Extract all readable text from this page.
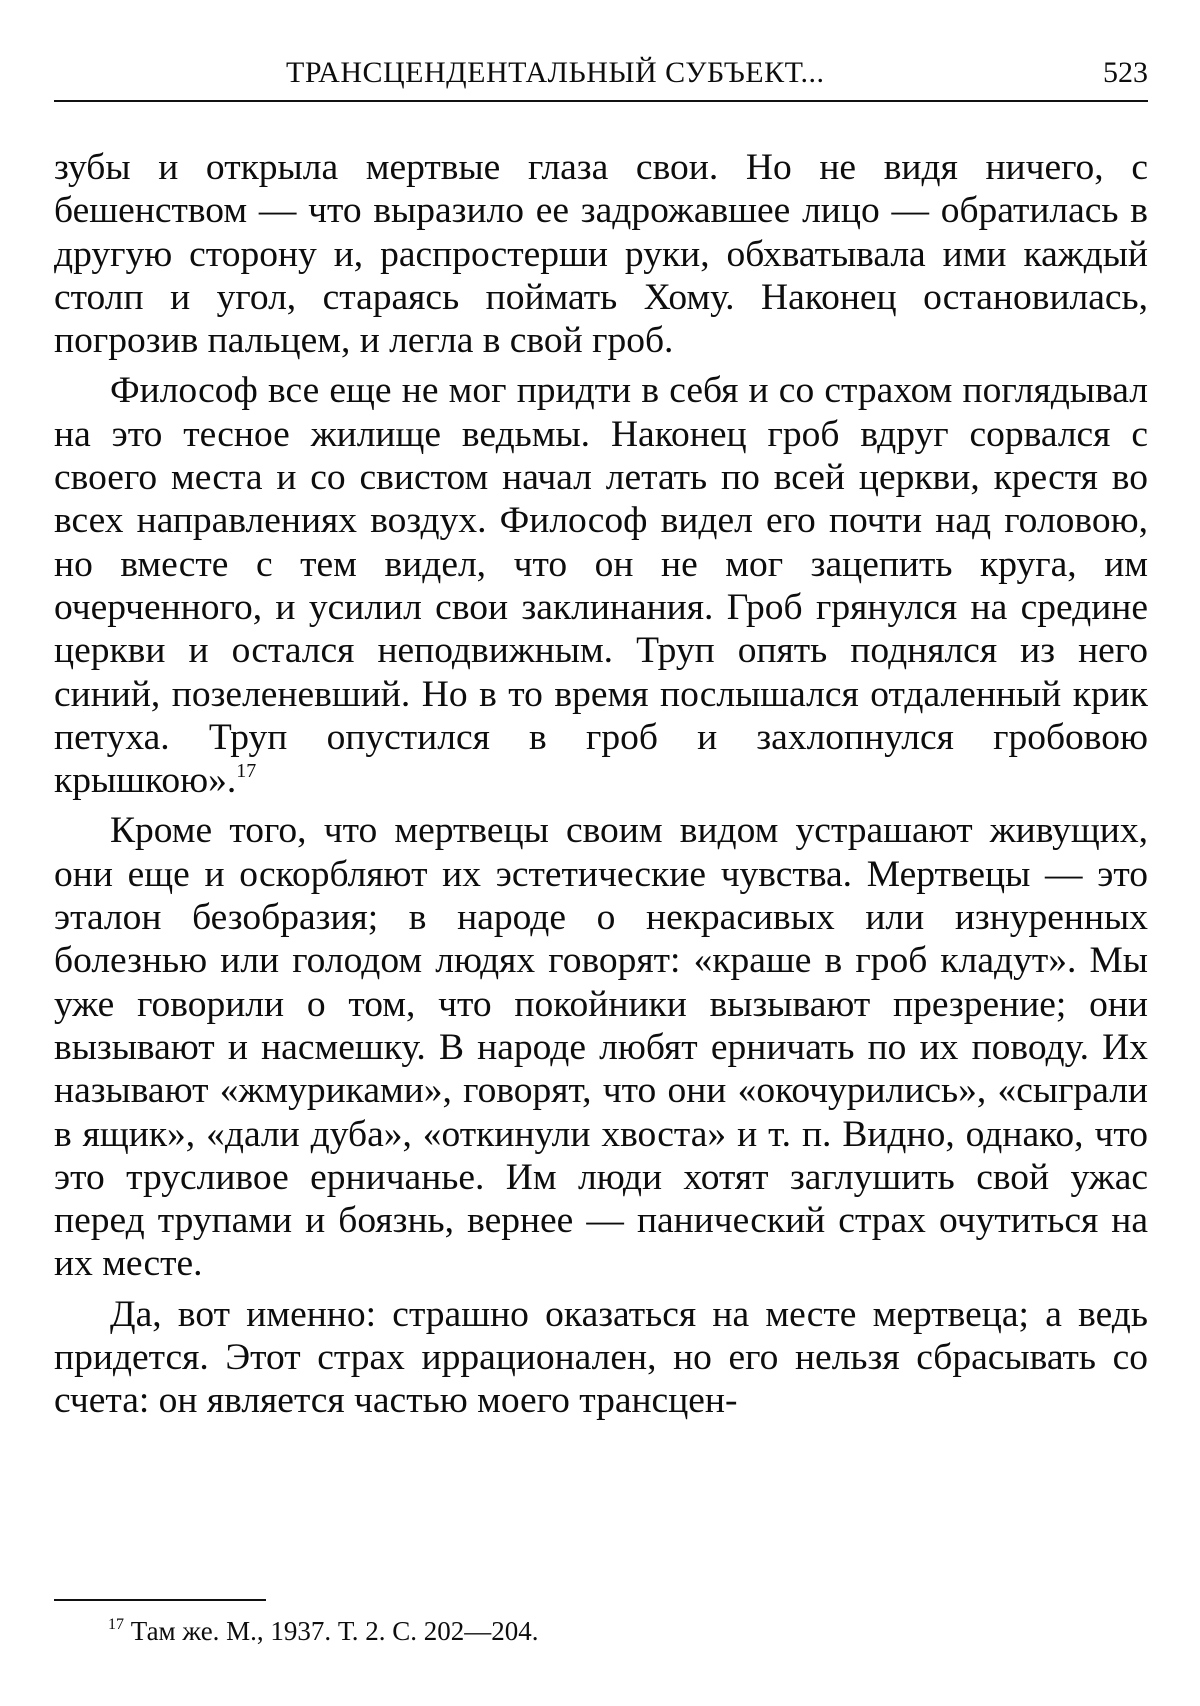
ТРАНСЦЕНДЕНТАЛЬНЫЙ СУБЪЕКТ...	523

зубы и открыла мертвые глаза свои. Но не видя ничего, с бешенством — что выразило ее задрожавшее лицо — обратилась в другую сторону и, распростерши руки, обхватывала ими каждый столп и угол, стараясь поймать Хому. Наконец остановилась, погрозив пальцем, и легла в свой гроб.

Философ все еще не мог придти в себя и со страхом поглядывал на это тесное жилище ведьмы. Наконец гроб вдруг сорвался с своего места и со свистом начал летать по всей церкви, крестя во всех направлениях воздух. Философ видел его почти над головою, но вместе с тем видел, что он не мог зацепить круга, им очерченного, и усилил свои заклинания. Гроб грянулся на средине церкви и остался неподвижным. Труп опять поднялся из него синий, позеленевший. Но в то время послышался отдаленный крик петуха. Труп опустился в гроб и захлопнулся гробовою крышкою».$^{17}$

Кроме того, что мертвецы своим видом устрашают живущих, они еще и оскорбляют их эстетические чувства. Мертвецы — это эталон безобразия; в народе о некрасивых или изнуренных болезнью или голодом людях говорят: «краше в гроб кладут». Мы уже говорили о том, что покойники вызывают презрение; они вызывают и насмешку. В народе любят ерничать по их поводу. Их называют «жмуриками», говорят, что они «окочурились», «сыграли в ящик», «дали дуба», «откинули хвоста» и т. п. Видно, однако, что это трусливое ерничанье. Им люди хотят заглушить свой ужас перед трупами и боязнь, вернее — панический страх очутиться на их месте.

Да, вот именно: страшно оказаться на месте мертвеца; а ведь придется. Этот страх иррационален, но его нельзя сбрасывать со счета: он является частью моего трансцен-

$^{17}$ Там же. М., 1937. Т. 2. С. 202—204.
